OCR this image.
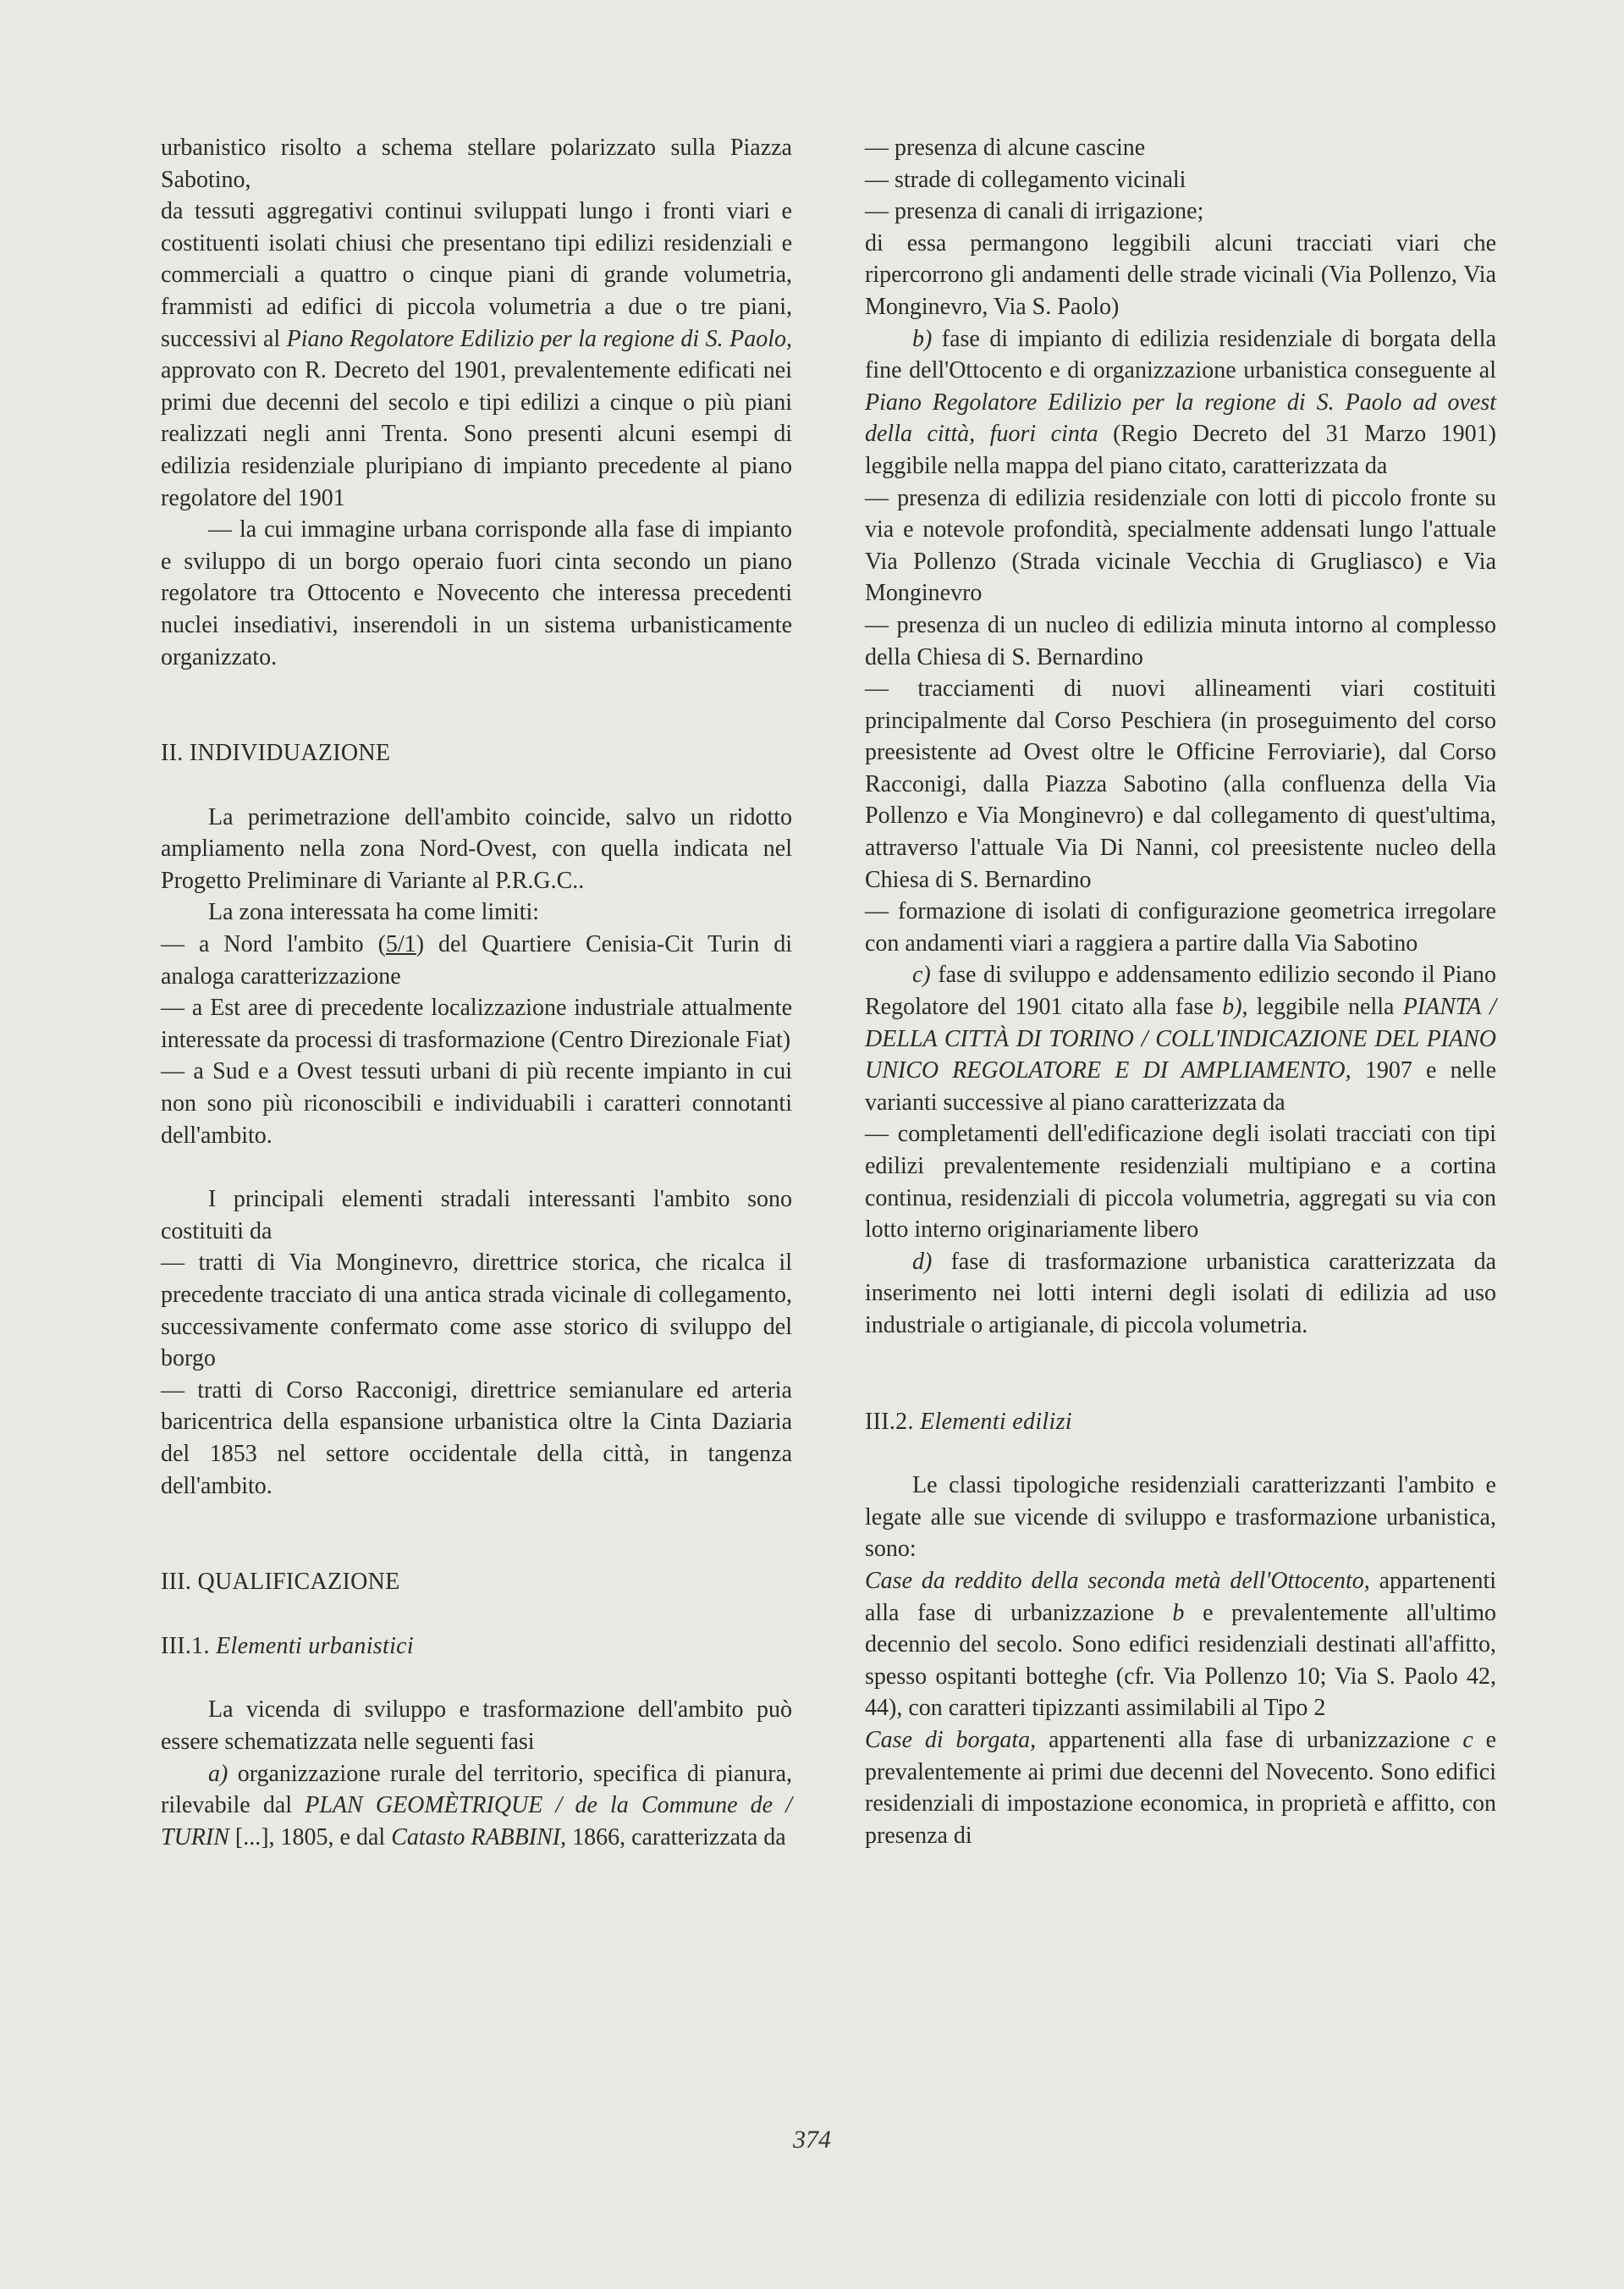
urbanistico risolto a schema stellare polarizzato sulla Piazza Sabotino,

da tessuti aggregativi continui sviluppati lungo i fronti viari e costituenti isolati chiusi che presentano tipi edilizi residenziali e commerciali a quattro o cinque piani di grande volumetria, frammisti ad edifici di piccola volumetria a due o tre piani, successivi al Piano Regolatore Edilizio per la regione di S. Paolo, approvato con R. Decreto del 1901, prevalentemente edificati nei primi due decenni del secolo e tipi edilizi a cinque o più piani realizzati negli anni Trenta. Sono presenti alcuni esempi di edilizia residenziale pluripiano di impianto precedente al piano regolatore del 1901

— la cui immagine urbana corrisponde alla fase di impianto e sviluppo di un borgo operaio fuori cinta secondo un piano regolatore tra Ottocento e Novecento che interessa precedenti nuclei insediativi, inserendoli in un sistema urbanisticamente organizzato.

II. INDIVIDUAZIONE

La perimetrazione dell'ambito coincide, salvo un ridotto ampliamento nella zona Nord-Ovest, con quella indicata nel Progetto Preliminare di Variante al P.R.G.C..

La zona interessata ha come limiti:

— a Nord l'ambito (5/1) del Quartiere Cenisia-Cit Turin di analoga caratterizzazione

— a Est aree di precedente localizzazione industriale attualmente interessate da processi di trasformazione (Centro Direzionale Fiat)

— a Sud e a Ovest tessuti urbani di più recente impianto in cui non sono più riconoscibili e individuabili i caratteri connotanti dell'ambito.

I principali elementi stradali interessanti l'ambito sono costituiti da

— tratti di Via Monginevro, direttrice storica, che ricalca il precedente tracciato di una antica strada vicinale di collegamento, successivamente confermato come asse storico di sviluppo del borgo

— tratti di Corso Racconigi, direttrice semianulare ed arteria baricentrica della espansione urbanistica oltre la Cinta Daziaria del 1853 nel settore occidentale della città, in tangenza dell'ambito.

III. QUALIFICAZIONE

III.1. Elementi urbanistici

La vicenda di sviluppo e trasformazione dell'ambito può essere schematizzata nelle seguenti fasi

a) organizzazione rurale del territorio, specifica di pianura, rilevabile dal PLAN GEOMÈTRIQUE / de la Commune de / TURIN [...], 1805, e dal Catasto RABBINI, 1866, caratterizzata da

— presenza di alcune cascine

— strade di collegamento vicinali

— presenza di canali di irrigazione;

di essa permangono leggibili alcuni tracciati viari che ripercorrono gli andamenti delle strade vicinali (Via Pollenzo, Via Monginevro, Via S. Paolo)

b) fase di impianto di edilizia residenziale di borgata della fine dell'Ottocento e di organizzazione urbanistica conseguente al Piano Regolatore Edilizio per la regione di S. Paolo ad ovest della città, fuori cinta (Regio Decreto del 31 Marzo 1901) leggibile nella mappa del piano citato, caratterizzata da

— presenza di edilizia residenziale con lotti di piccolo fronte su via e notevole profondità, specialmente addensati lungo l'attuale Via Pollenzo (Strada vicinale Vecchia di Grugliasco) e Via Monginevro

— presenza di un nucleo di edilizia minuta intorno al complesso della Chiesa di S. Bernardino

— tracciamenti di nuovi allineamenti viari costituiti principalmente dal Corso Peschiera (in proseguimento del corso preesistente ad Ovest oltre le Officine Ferroviarie), dal Corso Racconigi, dalla Piazza Sabotino (alla confluenza della Via Pollenzo e Via Monginevro) e dal collegamento di quest'ultima, attraverso l'attuale Via Di Nanni, col preesistente nucleo della Chiesa di S. Bernardino

— formazione di isolati di configurazione geometrica irregolare con andamenti viari a raggiera a partire dalla Via Sabotino

c) fase di sviluppo e addensamento edilizio secondo il Piano Regolatore del 1901 citato alla fase b), leggibile nella PIANTA / DELLA CITTÀ DI TORINO / COLL'INDICAZIONE DEL PIANO UNICO REGOLATORE E DI AMPLIAMENTO, 1907 e nelle varianti successive al piano caratterizzata da

— completamenti dell'edificazione degli isolati tracciati con tipi edilizi prevalentemente residenziali multipiano e a cortina continua, residenziali di piccola volumetria, aggregati su via con lotto interno originariamente libero

d) fase di trasformazione urbanistica caratterizzata da inserimento nei lotti interni degli isolati di edilizia ad uso industriale o artigianale, di piccola volumetria.

III.2. Elementi edilizi

Le classi tipologiche residenziali caratterizzanti l'ambito e legate alle sue vicende di sviluppo e trasformazione urbanistica, sono:

Case da reddito della seconda metà dell'Ottocento, appartenenti alla fase di urbanizzazione b e prevalentemente all'ultimo decennio del secolo. Sono edifici residenziali destinati all'affitto, spesso ospitanti botteghe (cfr. Via Pollenzo 10; Via S. Paolo 42, 44), con caratteri tipizzanti assimilabili al Tipo 2

Case di borgata, appartenenti alla fase di urbanizzazione c e prevalentemente ai primi due decenni del Novecento. Sono edifici residenziali di impostazione economica, in proprietà e affitto, con presenza di

374
